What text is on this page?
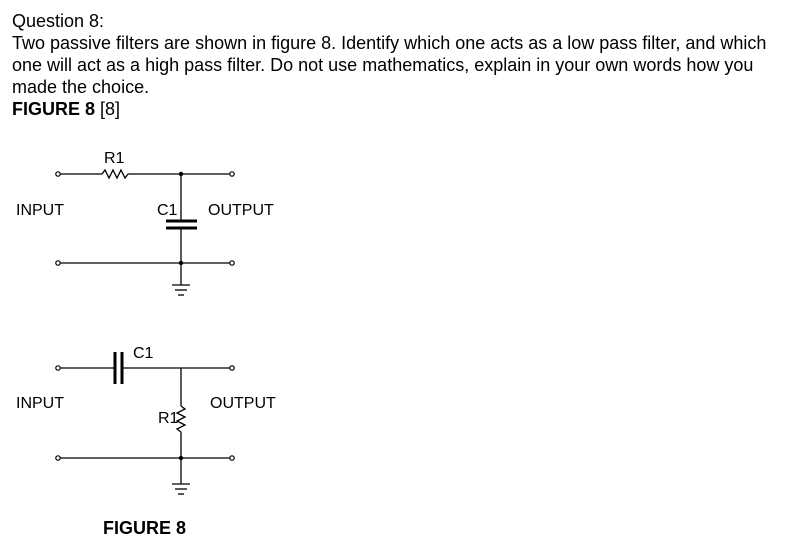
Question 8:

Two passive filters are shown in figure 8. Identify which one acts as a low pass filter, and which one will act as a high pass filter. Do not use mathematics, explain in your own words how you made the choice.

FIGURE 8 [8]

R1
C1
INPUT	OUTPUT
C1
R1
INPUT	OUTPUT
FIGURE 8
